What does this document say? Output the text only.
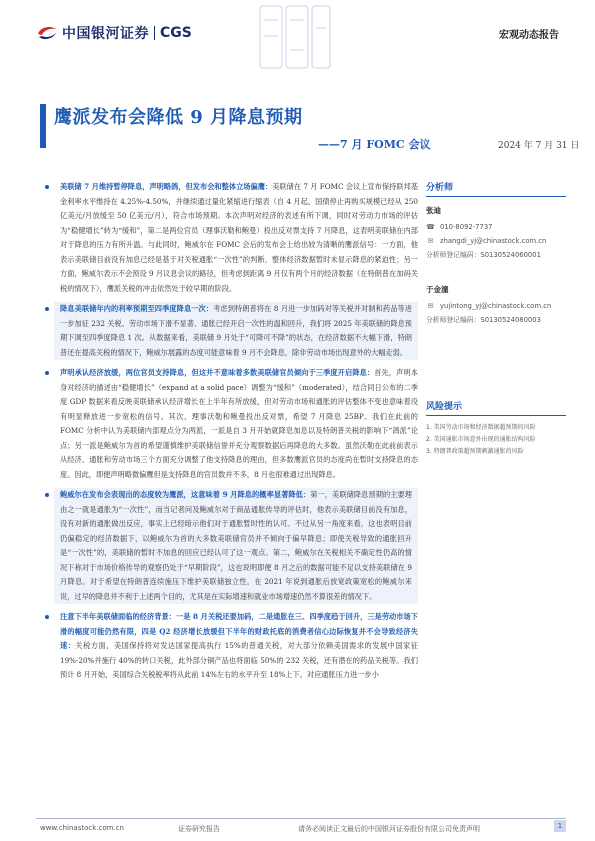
中国银河证券 CGS	宏观动态报告
鹰派发布会降低 9 月降息预期
——7 月 FOMC 会议	2024 年 7 月 31 日
美联储 7 月维持暂停降息，声明略鸽，但发布会和整体立场偏鹰：美联储在 7 月 FOMC 会议上宣布保持联邦基金利率水平维持在 4.25%-4.50%，并继续通过量化紧缩进行缩表（自 4 月起，国债停止再购买规模已经从 250 亿美元/月放缓至 50 亿美元/月），符合市场预期。本次声明对经济的表述有所下调，同时对劳动力市场的评估为“稳健增长”转为“缓和”，第二是两位官员（理事沃勒和鲍曼）投出反对票支持 7 月降息，这表明美联储在内部对于降息的压力有所升温。与此同时，鲍威尔在 FOMC 会后的发布会上给出较为清晰的鹰派信号：一方面，他表示美联储目前没有加息已经是基于对关税通胀“一次性”的判断，整体经济数据暂时未显示降息的紧迫性；另一方面，鲍威尔表示不会预设 9 月议息会议的路径，但考虑到距离 9 月仅有两个月的经济数据（在特朗普在加码关税的情况下），鹰派关税的冲击依然处于较早期的阶段。
降息美联储年内的利率预期至四季度降息一次：考虑到特朗普将在 8 月进一步加码对等关税并对制和药品等进一步加征 232 关税、劳动市场下滑不显著、通胀已经开启一次性的温和回升，我们将 2025 年美联储的降息预期下调至四季度降息 1 次。从数据来看，美联储 9 月处于“可降可不降”的状态，在经济数据不大幅下滑，特朗普还在提高关税的情况下，鲍威尔展露的态度可能意味着 9 月不会降息，除非劳动市场出现意外的大幅走弱。
声明承认经济放缓，两位官员支持降息，但这并不意味着多数美联储官员倾向于三季度开启降息：首先，声明本身对经济的描述由“稳健增长”（expand at a solid pace）调整为“缓和”（moderated），结合同日公布的二季度 GDP 数据来看反映美联储承认经济增长在上半年有所放缓，但对劳动市场和通胀的评估整体不变也意味着没有明显释放进一步宽松的信号。其次，理事沃勒和鲍曼投出反对票，希望 7 月降息 25BP。我们在此前的 FOMC 分析中认为美联储内部观点分为两派，一派是自 3 月开始就降息加息以及特朗普关税的影响下“鸽派”论点；另一派是鲍威尔为首的希望谨慎维护美联储信誉并充分观察数据后再降息的大多数。虽然沃勒在此前前表示从经济、通胀和劳动市场三个方面充分调整了他支持降息的理由，但多数鹰派官员的态度尚在暂时支持降息的态度。因此，即便声明略微偏鹰但是支持降息的官员数并不多，8 月也很难通过出现降息。
鲍威尔在发布会表现出的态度较为鹰派，这意味着 9 月降息的概率显著降低：第一，美联储降息预期的主要理由之一就是通胀为“一次性”，而当记者问及鲍威尔对于商品通胀传导的评估时，他表示美联储目前没有加息，没有对新的通胀做出反应，事实上已经暗示他们对于通胀暂时性的认可。不过从另一角度来看，这也表明目前仍偏稳定的经济数据下，以鲍威尔为首的大多数美联储官员并不倾向于偏早降息；即使关税导致的通胀回升是“一次性”的，美联储的暂时不加息的回应已经认可了这一观点。第二，鲍威尔在关税相关不确定性仍高的情况下称对于市场价格传导的观察仍处于“早期阶段”，这也说明即便 8 月之后的数据可能不足以支持美联储在 9 月降息。对于希望在特朗普连续施压下维护美联储独立性，在 2021 年说到通胀后放宽政策宽松的鲍威尔来说，过早的降息并不利于上述两个目的，尤其是在实际增速和就业市场增速仍然不算很差的情况下。
注意下半年美联储面临的经济背景：一是 8 月关税还要加码，二是通胀在三、四季度趋于回升，三是劳动市场下滑的幅度可能仍然有限，四是 Q2 经济增长放缓但下半年的财政托底的消费者信心边际恢复并不会导致经济失速：关税方面，美国保持将对发达国家提高执行 15%的普通关税，对大部分依赖美国需求的发展中国家征 19%-20%并施行 40%的转口关税，此外部分铜产品也将面临 50%的 232 关税，还有潜在的药品关税等。我们预计 8 月开始，美国综合关税税率将从此前 14%左右的水平升至 18%上下。对应通胀压力进一步小
分析师
张迪
☎ 010-8092-7737
✉ zhangdi_yj@chinastock.com.cn
分析师登记编码：S0130524060001
于金潼
✉ yujintong_yj@chinastock.com.cn
分析师登记编码：S0130524080003
风险提示
1. 美国劳动市场和经济数据超预期的风险
2. 美国通胀市场意外出现的通胀结构风险
3. 特朗普政策超预期刺激通胀的风险
www.chinastock.com.cn	证券研究报告	请务必阅读正文最后的中国银河证券股份有限公司免责声明	1
